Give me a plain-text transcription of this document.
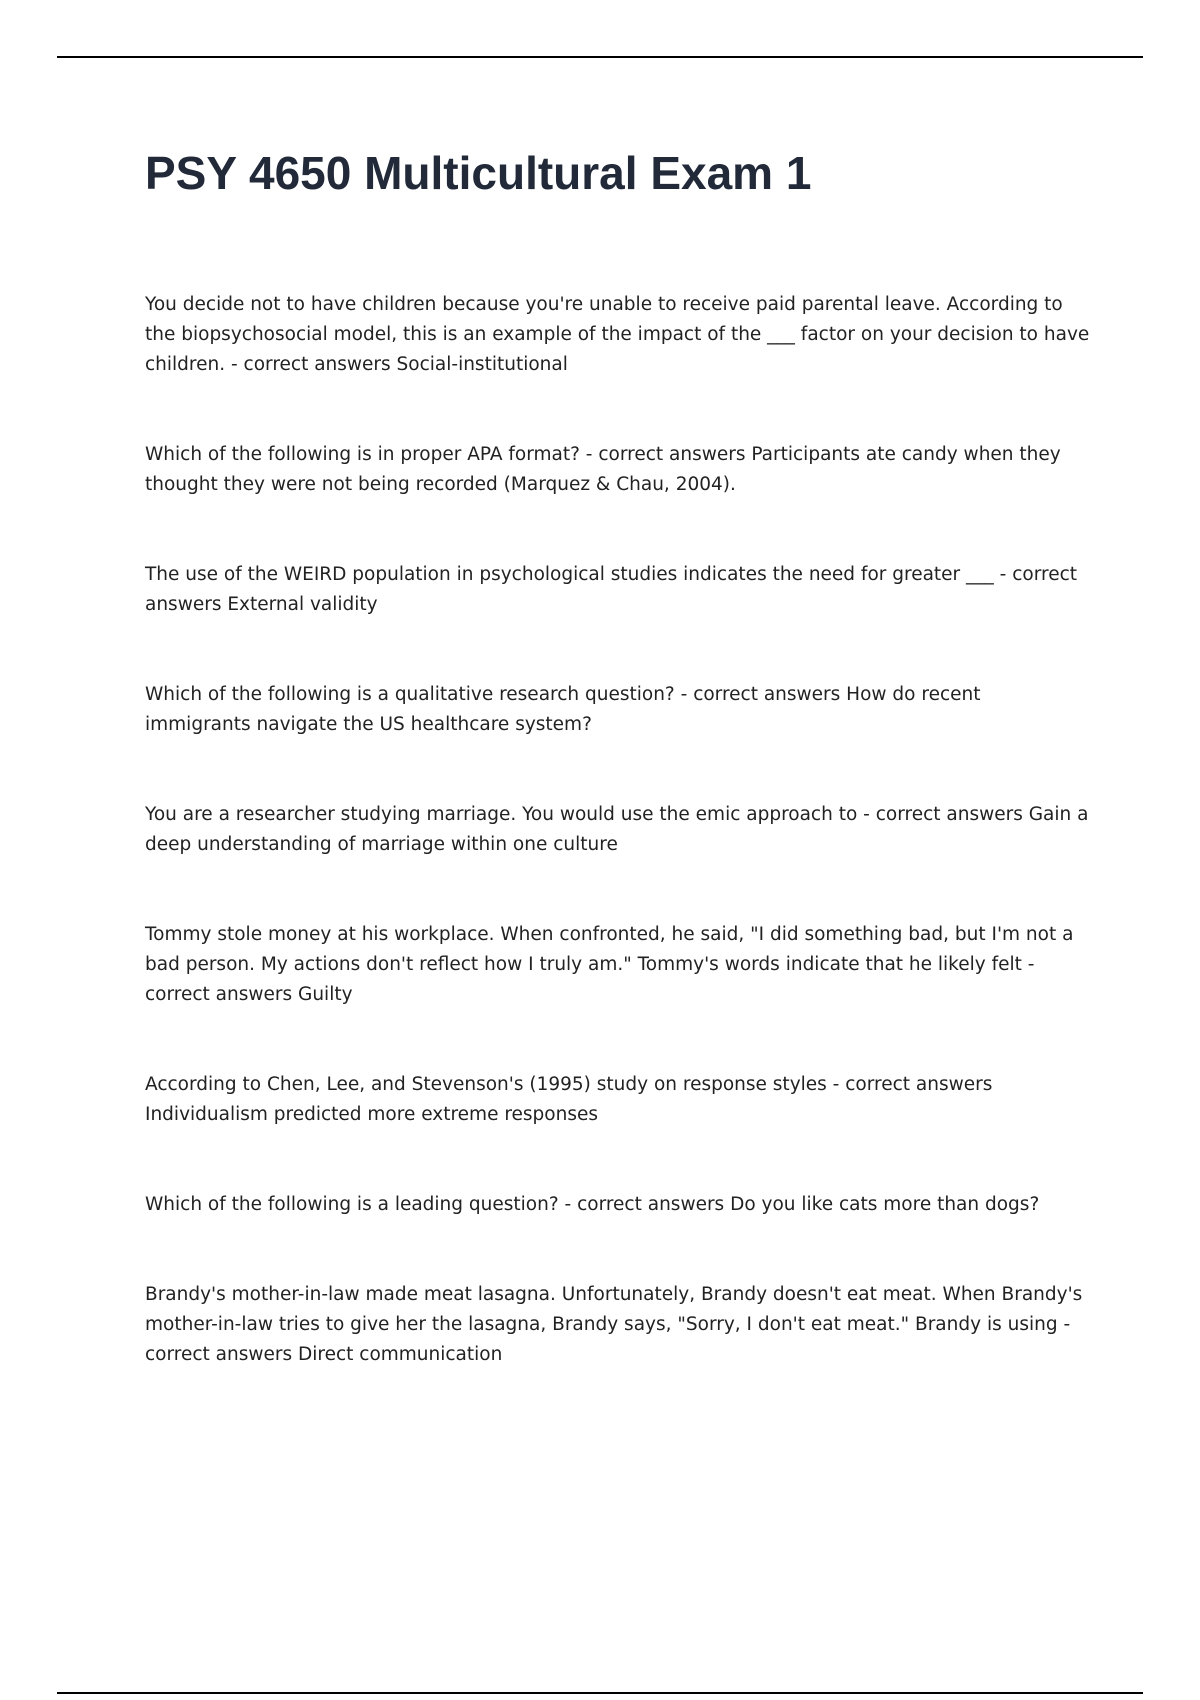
PSY 4650 Multicultural Exam 1
You decide not to have children because you're unable to receive paid parental leave. According to the biopsychosocial model, this is an example of the impact of the ___ factor on your decision to have children. - correct answers Social-institutional
Which of the following is in proper APA format? - correct answers Participants ate candy when they thought they were not being recorded (Marquez & Chau, 2004).
The use of the WEIRD population in psychological studies indicates the need for greater ___ - correct answers External validity
Which of the following is a qualitative research question? - correct answers How do recent immigrants navigate the US healthcare system?
You are a researcher studying marriage. You would use the emic approach to - correct answers Gain a deep understanding of marriage within one culture
Tommy stole money at his workplace. When confronted, he said, "I did something bad, but I'm not a bad person. My actions don't reflect how I truly am." Tommy's words indicate that he likely felt - correct answers Guilty
According to Chen, Lee, and Stevenson's (1995) study on response styles - correct answers Individualism predicted more extreme responses
Which of the following is a leading question? - correct answers Do you like cats more than dogs?
Brandy's mother-in-law made meat lasagna. Unfortunately, Brandy doesn't eat meat. When Brandy's mother-in-law tries to give her the lasagna, Brandy says, "Sorry, I don't eat meat." Brandy is using - correct answers Direct communication
